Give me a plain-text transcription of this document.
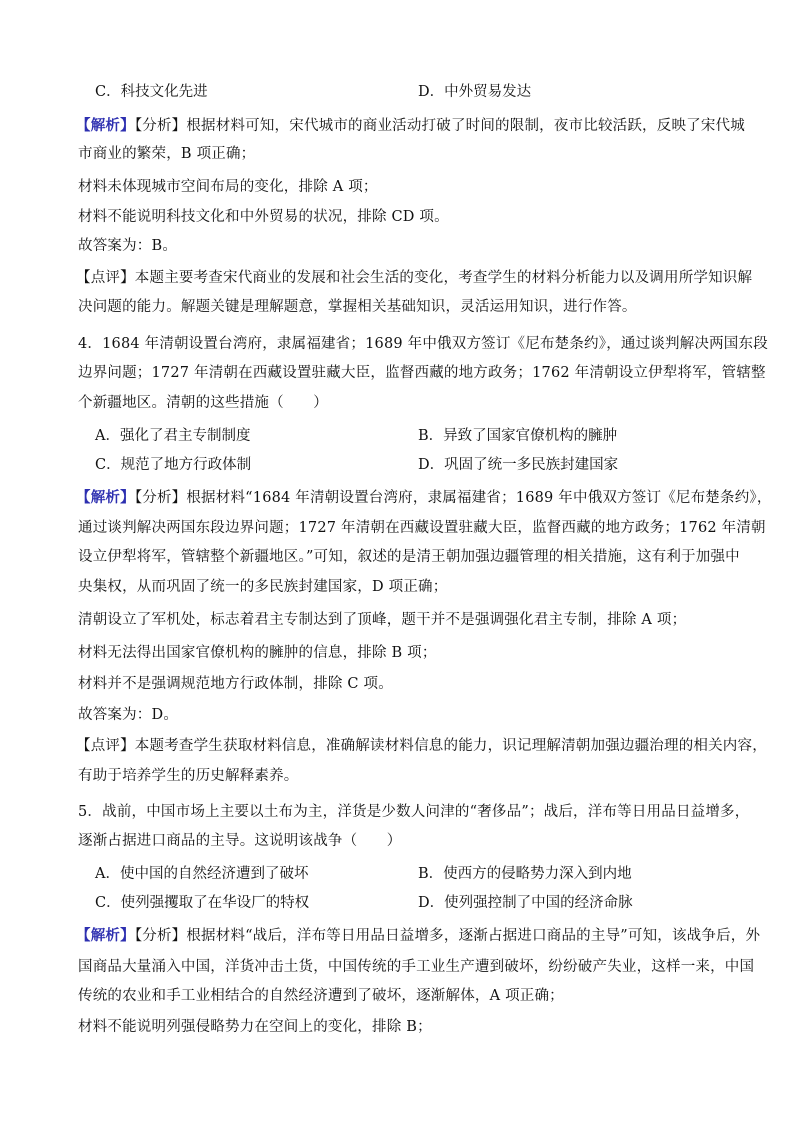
C．科技文化先进	D．中外贸易发达
【解析】【分析】根据材料可知，宋代城市的商业活动打破了时间的限制，夜市比较活跃，反映了宋代城
市商业的繁荣，B 项正确；
材料未体现城市空间布局的变化，排除 A 项；
材料不能说明科技文化和中外贸易的状况，排除 CD 项。
故答案为：B。
【点评】本题主要考查宋代商业的发展和社会生活的变化，考查学生的材料分析能力以及调用所学知识解
决问题的能力。解题关键是理解题意，掌握相关基础知识，灵活运用知识，进行作答。
4．1684 年清朝设置台湾府，隶属福建省；1689 年中俄双方签订《尼布楚条约》，通过谈判解决两国东段
边界问题；1727 年清朝在西藏设置驻藏大臣，监督西藏的地方政务；1762 年清朝设立伊犁将军，管辖整
个新疆地区。清朝的这些措施（　　）
A．强化了君主专制制度	B．异致了国家官僚机构的臃肿
C．规范了地方行政体制	D．巩固了统一多民族封建国家
【解析】【分析】根据材料“1684 年清朝设置台湾府，隶属福建省；1689 年中俄双方签订《尼布楚条约》，
通过谈判解决两国东段边界问题；1727 年清朝在西藏设置驻藏大臣，监督西藏的地方政务；1762 年清朝
设立伊犁将军，管辖整个新疆地区。”可知，叙述的是清王朝加强边疆管理的相关措施，这有利于加强中
央集权，从而巩固了统一的多民族封建国家，D 项正确；
清朝设立了军机处，标志着君主专制达到了顶峰，题干并不是强调强化君主专制，排除 A 项；
材料无法得出国家官僚机构的臃肿的信息，排除 B 项；
材料并不是强调规范地方行政体制，排除 C 项。
故答案为：D。
【点评】本题考查学生获取材料信息，准确解读材料信息的能力，识记理解清朝加强边疆治理的相关内容，
有助于培养学生的历史解释素养。
5．战前，中国市场上主要以土布为主，洋货是少数人问津的“奢侈品”；战后，洋布等日用品日益增多，
逐渐占据进口商品的主导。这说明该战争（　　）
A．使中国的自然经济遭到了破坏	B．使西方的侵略势力深入到内地
C．使列强攫取了在华设厂的特权	D．使列强控制了中国的经济命脉
【解析】【分析】根据材料“战后，洋布等日用品日益增多，逐渐占据进口商品的主导”可知，该战争后，外
国商品大量涌入中国，洋货冲击土货，中国传统的手工业生产遭到破坏，纷纷破产失业，这样一来，中国
传统的农业和手工业相结合的自然经济遭到了破坏，逐渐解体，A 项正确；
材料不能说明列强侵略势力在空间上的变化，排除 B；
